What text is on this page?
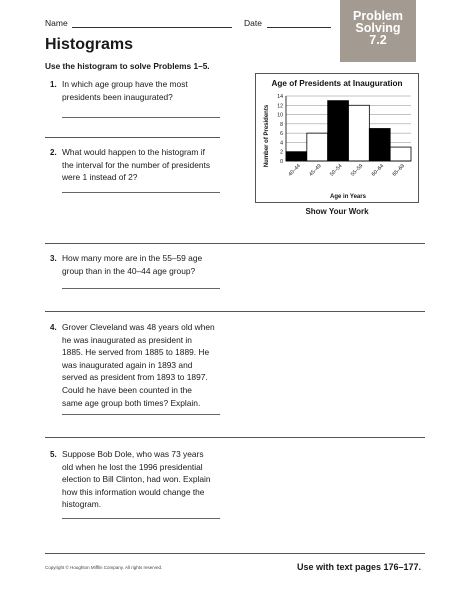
Name	Date	Problem
Solving
7.2
Histograms
Use the histogram to solve Problems 1–5.
1. In which age group have the most
presidents been inaugurated?
2. What would happen to the histogram if
the interval for the number of presidents
were 1 instead of 2?
Age of Presidents at Inauguration
Number of Presidents
Age in Years
0
2
4
6
8
10
12
14
40–44 45–49 50–54 55–59 60–64 65–69
Show Your Work
3. How many more are in the 55–59 age
group than in the 40–44 age group?
4. Grover Cleveland was 48 years old when
he was inaugurated as president in
1885. He served from 1885 to 1889. He
was inaugurated again in 1893 and
served as president from 1893 to 1897.
Could he have been counted in the
same age group both times? Explain.
5. Suppose Bob Dole, who was 73 years
old when he lost the 1996 presidential
election to Bill Clinton, had won. Explain
how this information would change the
histogram.
Copyright © Houghton Mifflin Company. All rights reserved.	Use with text pages 176–177.
